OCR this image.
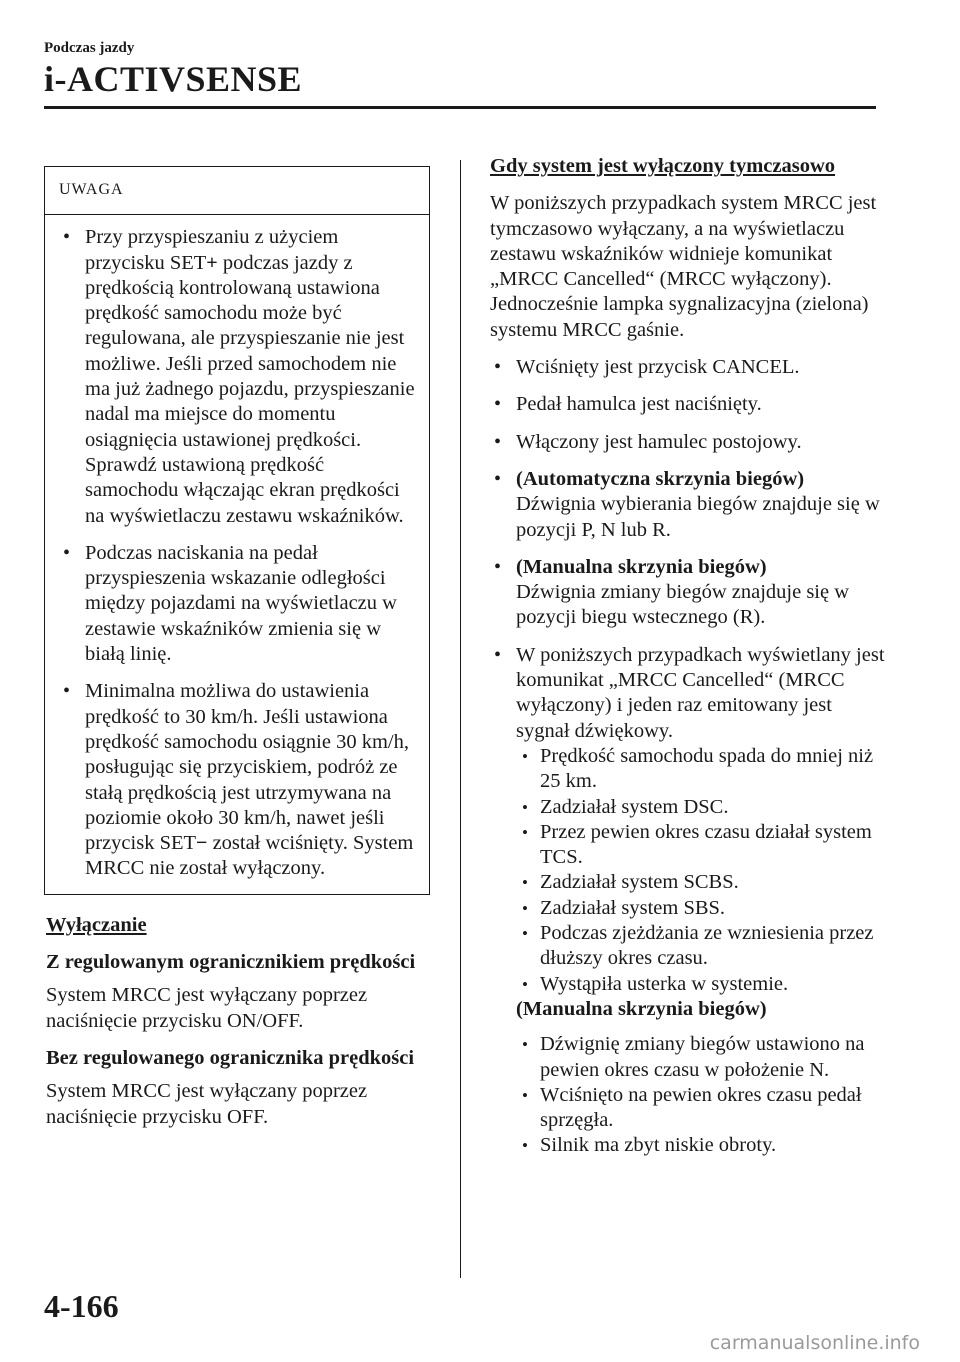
Podczas jazdy
i-ACTIVSENSE
UWAGA
• Przy przyspieszaniu z użyciem przycisku SET+ podczas jazdy z prędkością kontrolowaną ustawiona prędkość samochodu może być regulowana, ale przyspieszanie nie jest możliwe. Jeśli przed samochodem nie ma już żadnego pojazdu, przyspieszanie nadal ma miejsce do momentu osiągnięcia ustawionej prędkości. Sprawdź ustawioną prędkość samochodu włączając ekran prędkości na wyświetlaczu zestawu wskaźników.
• Podczas naciskania na pedał przyspieszenia wskazanie odległości między pojazdami na wyświetlaczu w zestawie wskaźników zmienia się w białą linię.
• Minimalna możliwa do ustawienia prędkość to 30 km/h. Jeśli ustawiona prędkość samochodu osiągnie 30 km/h, posługując się przyciskiem, podróż ze stałą prędkością jest utrzymywana na poziomie około 30 km/h, nawet jeśli przycisk SET− został wciśnięty. System MRCC nie został wyłączony.

Wyłączanie

Z regulowanym ogranicznikiem prędkości

System MRCC jest wyłączany poprzez naciśnięcie przycisku ON/OFF.

Bez regulowanego ogranicznika prędkości

System MRCC jest wyłączany poprzez naciśnięcie przycisku OFF.

Gdy system jest wyłączony tymczasowo

W poniższych przypadkach system MRCC jest tymczasowo wyłączany, a na wyświetlaczu zestawu wskaźników widnieje komunikat „MRCC Cancelled“ (MRCC wyłączony). Jednocześnie lampka sygnalizacyjna (zielona) systemu MRCC gaśnie.

• Wciśnięty jest przycisk CANCEL.
• Pedał hamulca jest naciśnięty.
• Włączony jest hamulec postojowy.
• (Automatyczna skrzynia biegów)
Dźwignia wybierania biegów znajduje się w pozycji P, N lub R.
• (Manualna skrzynia biegów)
Dźwignia zmiany biegów znajduje się w pozycji biegu wstecznego (R).
• W poniższych przypadkach wyświetlany jest komunikat „MRCC Cancelled“ (MRCC wyłączony) i jeden raz emitowany jest sygnał dźwiękowy.
• Prędkość samochodu spada do mniej niż 25 km.
• Zadziałał system DSC.
• Przez pewien okres czasu działał system TCS.
• Zadziałał system SCBS.
• Zadziałał system SBS.
• Podczas zjeżdżania ze wzniesienia przez dłuższy okres czasu.
• Wystąpiła usterka w systemie.
(Manualna skrzynia biegów)
• Dźwignię zmiany biegów ustawiono na pewien okres czasu w położenie N.
• Wciśnięto na pewien okres czasu pedał sprzęgła.
• Silnik ma zbyt niskie obroty.
4-166
carmanualsonline.info
